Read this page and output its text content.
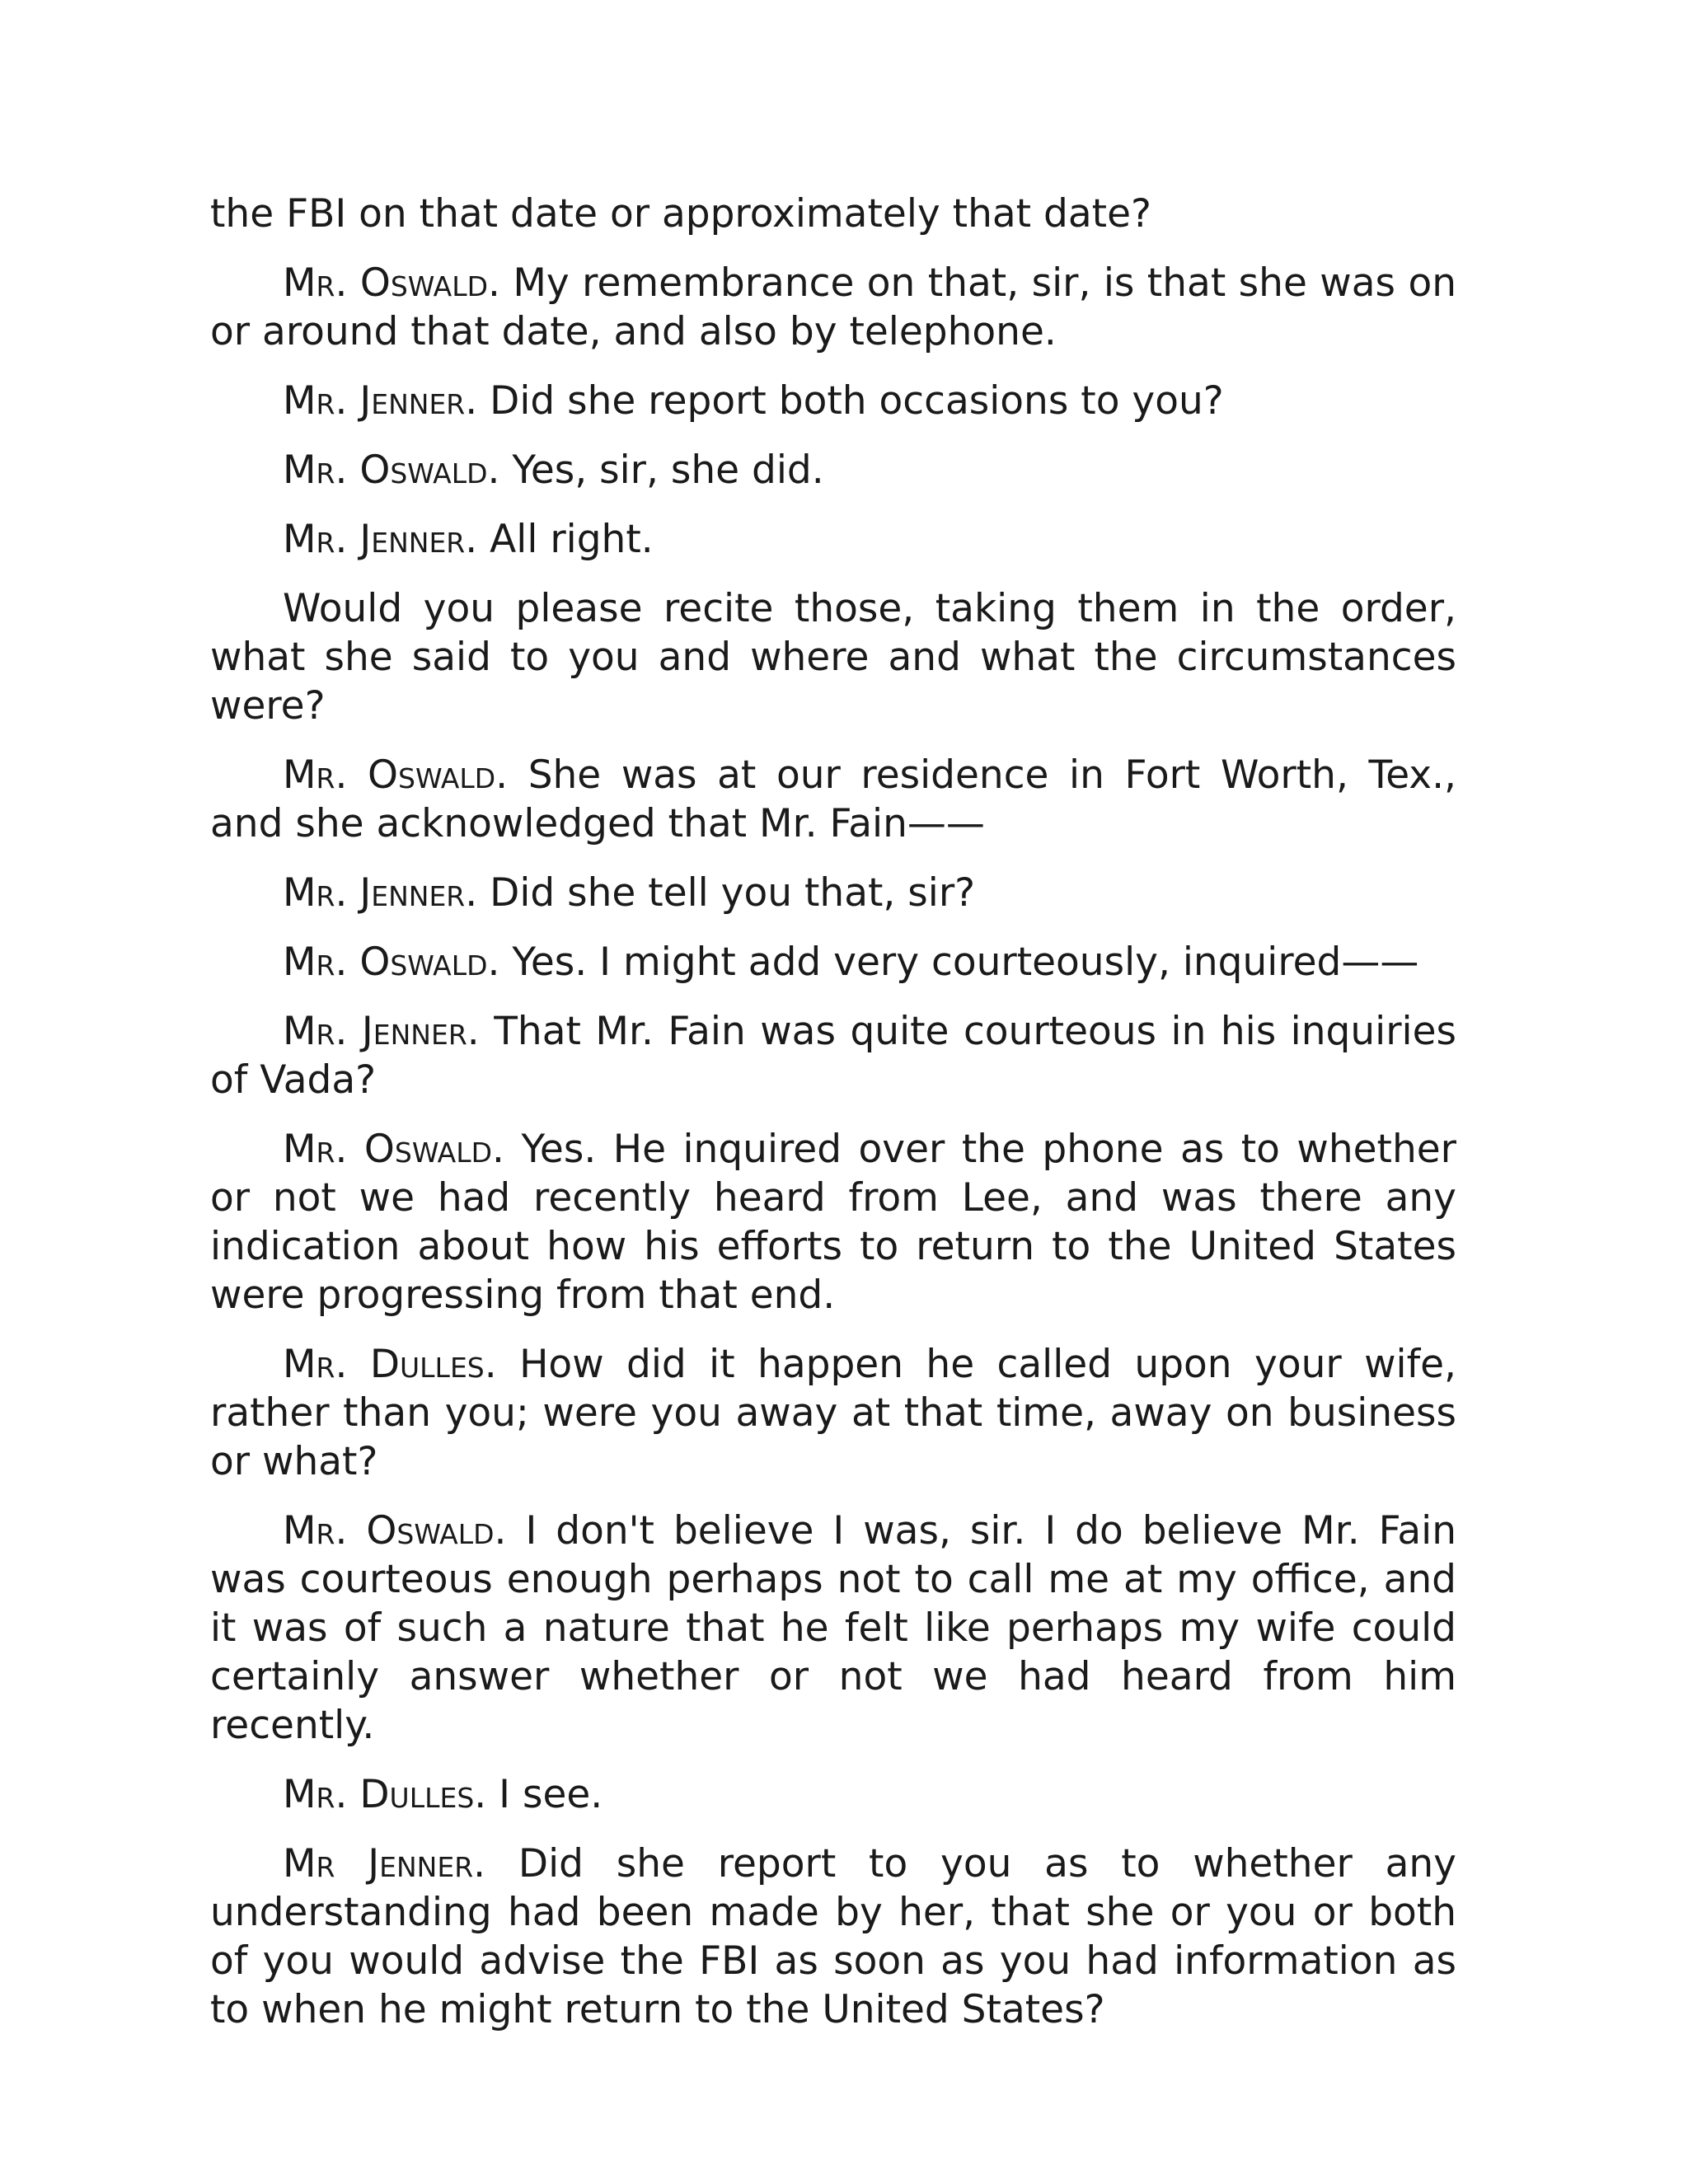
the FBI on that date or approximately that date?

Mr. Oswald. My remembrance on that, sir, is that she was on or around that date, and also by telephone.

Mr. Jenner. Did she report both occasions to you?

Mr. Oswald. Yes, sir, she did.

Mr. Jenner. All right.

Would you please recite those, taking them in the order, what she said to you and where and what the circumstances were?

Mr. Oswald. She was at our residence in Fort Worth, Tex., and she acknowledged that Mr. Fain——

Mr. Jenner. Did she tell you that, sir?

Mr. Oswald. Yes. I might add very courteously, inquired——

Mr. Jenner. That Mr. Fain was quite courteous in his inquiries of Vada?

Mr. Oswald. Yes. He inquired over the phone as to whether or not we had recently heard from Lee, and was there any indication about how his efforts to return to the United States were progressing from that end.

Mr. Dulles. How did it happen he called upon your wife, rather than you; were you away at that time, away on business or what?

Mr. Oswald. I don't believe I was, sir. I do believe Mr. Fain was courteous enough perhaps not to call me at my office, and it was of such a nature that he felt like perhaps my wife could certainly answer whether or not we had heard from him recently.

Mr. Dulles. I see.

Mr Jenner. Did she report to you as to whether any understanding had been made by her, that she or you or both of you would advise the FBI as soon as you had information as to when he might return to the United States?
